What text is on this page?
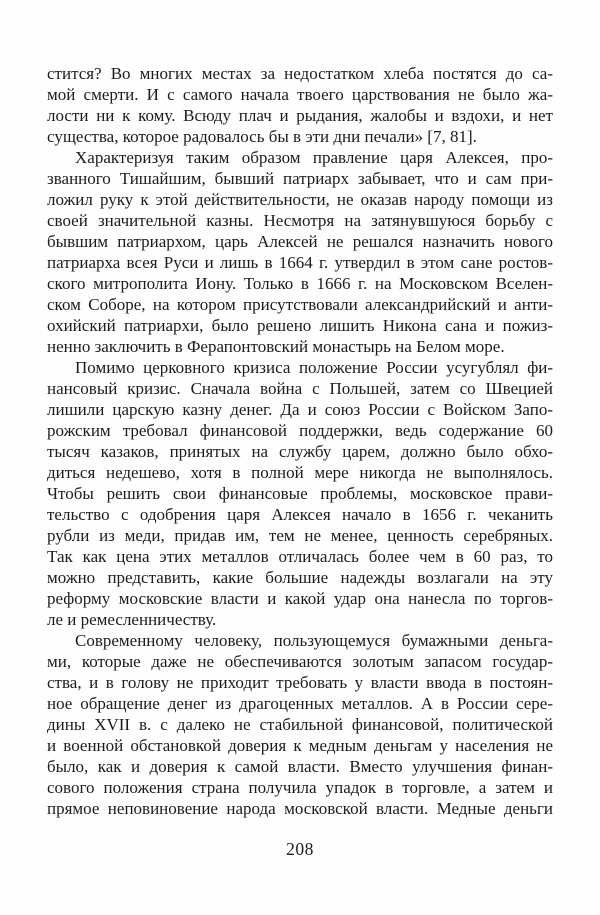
стится? Во многих местах за недостатком хлеба постятся до са-
мой смерти. И с самого начала твоего царствования не было жа-
лости ни к кому. Всюду плач и рыдания, жалобы и вздохи, и нет
существа, которое радовалось бы в эти дни печали» [7, 81].
Характеризуя таким образом правление царя Алексея, про-
званного Тишайшим, бывший патриарх забывает, что и сам при-
ложил руку к этой действительности, не оказав народу помощи из
своей значительной казны. Несмотря на затянувшуюся борьбу с
бывшим патриархом, царь Алексей не решался назначить нового
патриарха всея Руси и лишь в 1664 г. утвердил в этом сане ростов-
ского митрополита Иону. Только в 1666 г. на Московском Вселен-
ском Соборе, на котором присутствовали александрийский и анти-
охийский патриархи, было решено лишить Никона сана и пожиз-
ненно заключить в Ферапонтовский монастырь на Белом море.
Помимо церковного кризиса положение России усугублял фи-
нансовый кризис. Сначала война с Польшей, затем со Швецией
лишили царскую казну денег. Да и союз России с Войском Запо-
рожским требовал финансовой поддержки, ведь содержание 60
тысяч казаков, принятых на службу царем, должно было обхо-
диться недешево, хотя в полной мере никогда не выполнялось.
Чтобы решить свои финансовые проблемы, московское прави-
тельство с одобрения царя Алексея начало в 1656 г. чеканить
рубли из меди, придав им, тем не менее, ценность серебряных.
Так как цена этих металлов отличалась более чем в 60 раз, то
можно представить, какие большие надежды возлагали на эту
реформу московские власти и какой удар она нанесла по торгов-
ле и ремесленничеству.
Современному человеку, пользующемуся бумажными деньга-
ми, которые даже не обеспечиваются золотым запасом государ-
ства, и в голову не приходит требовать у власти ввода в постоян-
ное обращение денег из драгоценных металлов. А в России сере-
дины XVII в. с далеко не стабильной финансовой, политической
и военной обстановкой доверия к медным деньгам у населения не
было, как и доверия к самой власти. Вместо улучшения финан-
сового положения страна получила упадок в торговле, а затем и
прямое неповиновение народа московской власти. Медные деньги
208
